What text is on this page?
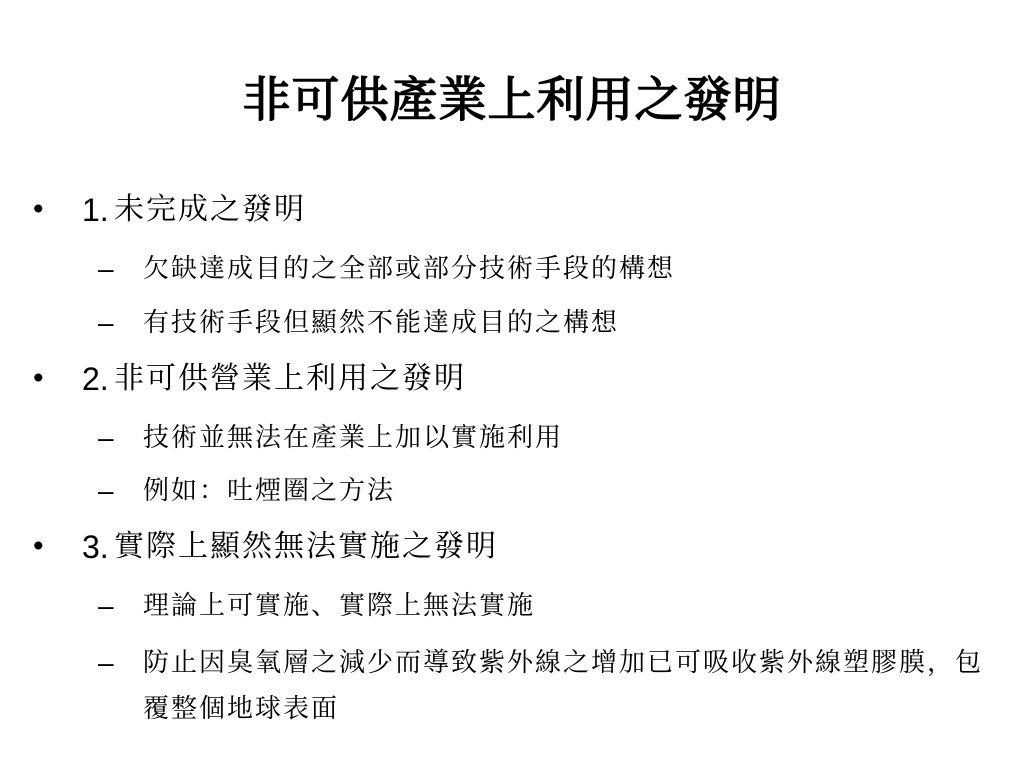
非可供產業上利用之發明
• 1. 未完成之發明
– 欠缺達成目的之全部或部分技術手段的構想
– 有技術手段但顯然不能達成目的之構想
• 2. 非可供營業上利用之發明
– 技術並無法在產業上加以實施利用
– 例如：吐煙圈之方法
• 3. 實際上顯然無法實施之發明
– 理論上可實施、實際上無法實施
– 防止因臭氧層之減少而導致紫外線之增加已可吸收紫外線塑膠膜，包覆整個地球表面
